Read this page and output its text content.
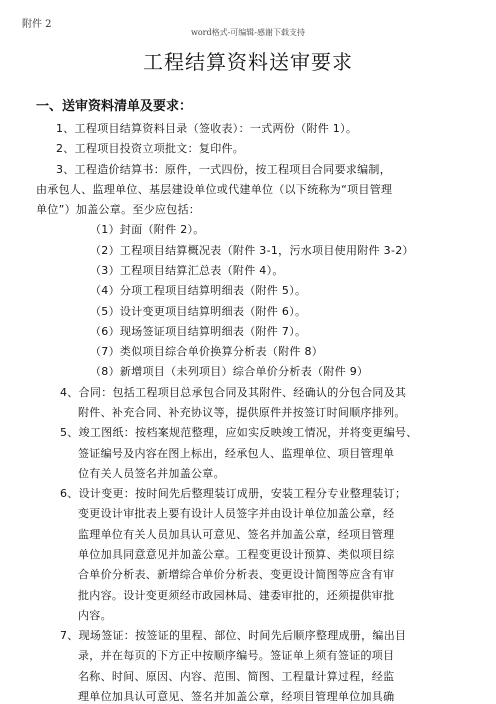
附件 2
word格式-可编辑-感谢下载支持
工程结算资料送审要求
一、送审资料清单及要求：
1、工程项目结算资料目录（签收表）：一式两份（附件 1）。
2、工程项目投资立项批文：复印件。
3、工程造价结算书：原件，一式四份，按工程项目合同要求编制，
由承包人、监理单位、基层建设单位或代建单位（以下统称为“项目管理
单位”）加盖公章。至少应包括：
（1）封面（附件 2）。
（2）工程项目结算概况表（附件 3-1，污水项目使用附件 3-2）
（3）工程项目结算汇总表（附件 4）。
（4）分项工程项目结算明细表（附件 5）。
（5）设计变更项目结算明细表（附件 6）。
（6）现场签证项目结算明细表（附件 7）。
（7）类似项目综合单价换算分析表（附件 8）
（8）新增项目（未列项目）综合单价分析表（附件 9）
4、合同：包括工程项目总承包合同及其附件、经确认的分包合同及其
附件、补充合同、补充协议等，提供原件并按签订时间顺序排列。
5、竣工图纸：按档案规范整理，应如实反映竣工情况，并将变更编号、
签证编号及内容在图上标出，经承包人、监理单位、项目管理单
位有关人员签名并加盖公章。
6、设计变更：按时间先后整理装订成册，安装工程分专业整理装订；
变更设计审批表上要有设计人员签字并由设计单位加盖公章，经
监理单位有关人员加具认可意见、签名并加盖公章，经项目管理
单位加具同意意见并加盖公章。工程变更设计预算、类似项目综
合单价分析表、新增综合单价分析表、变更设计简图等应含有审
批内容。设计变更须经市政园林局、建委审批的，还须提供审批
内容。
7、现场签证：按签证的里程、部位、时间先后顺序整理成册，编出目
录，并在每页的下方正中按顺序编号。签证单上须有签证的项目
名称、时间、原因、内容、范围、简图、工程量计算过程，经监
理单位加具认可意见、签名并加盖公章，经项目管理单位加具确
